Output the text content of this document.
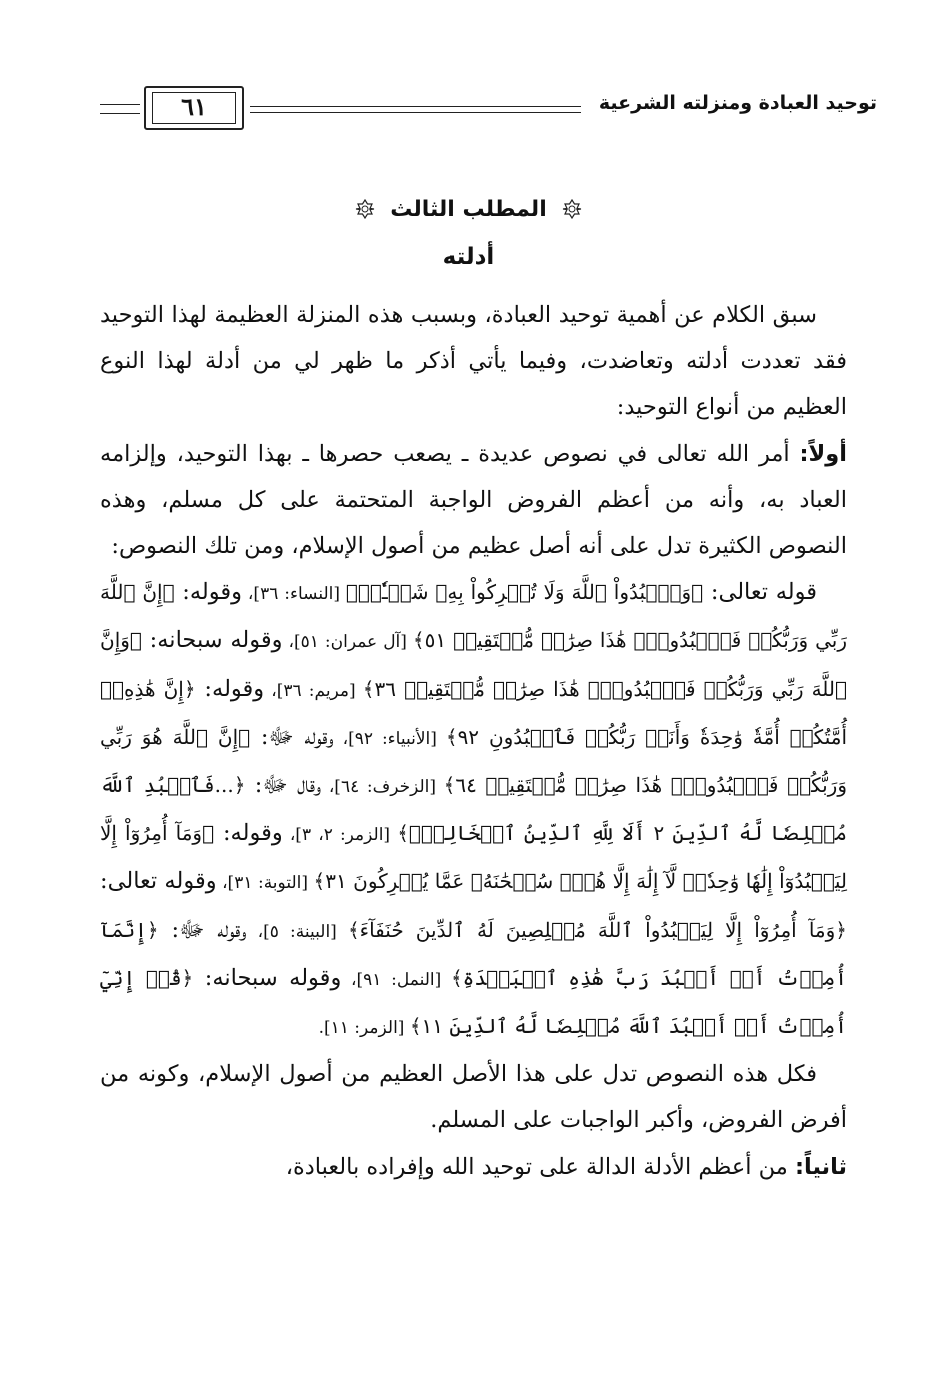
توحيد العبادة ومنزلته الشرعية
٦١
المطلب الثالث
أدلته

سبق الكلام عن أهمية توحيد العبادة، وبسبب هذه المنزلة العظيمة لهذا التوحيد فقد تعددت أدلته وتعاضدت، وفيما يأتي أذكر ما ظهر لي من أدلة لهذا النوع العظيم من أنواع التوحيد:

أولاً: أمر الله تعالى في نصوص عديدة ـ يصعب حصرها ـ بهذا التوحيد، وإلزامه العباد به، وأنه من أعظم الفروض الواجبة المتحتمة على كل مسلم، وهذه النصوص الكثيرة تدل على أنه أصل عظيم من أصول الإسلام، ومن تلك النصوص:

قوله تعالى: ﴿وَٱعۡبُدُواْ ٱللَّهَ وَلَا تُشۡرِكُواْ بِهِۦ شَيۡـٔٗاۖ﴾ [النساء: ٣٦]، وقوله: ﴿إِنَّ ٱللَّهَ رَبِّي وَرَبُّكُمۡ فَٱعۡبُدُوهُۚ هَٰذَا صِرَٰطٞ مُّسۡتَقِيمٞ ٥١﴾ [آل عمران: ٥١]، وقوله سبحانه: ﴿وَإِنَّ ٱللَّهَ رَبِّي وَرَبُّكُمۡ فَٱعۡبُدُوهُۚ هَٰذَا صِرَٰطٞ مُّسۡتَقِيمٞ ٣٦﴾ [مريم: ٣٦]، وقوله: ﴿إِنَّ هَٰذِهِۦٓ أُمَّتُكُمۡ أُمَّةٗ وَٰحِدَةٗ وَأَنَا۠ رَبُّكُمۡ فَٱعۡبُدُونِ ٩٢﴾ [الأنبياء: ٩٢]، وقوله ﷻ: ﴿إِنَّ ٱللَّهَ هُوَ رَبِّي وَرَبُّكُمۡ فَٱعۡبُدُوهُۚ هَٰذَا صِرَٰطٞ مُّسۡتَقِيمٞ ٦٤﴾ [الزخرف: ٦٤]، وقال ﷻ: ﴿...فَٱعۡبُدِ ٱللَّهَ مُخۡلِصٗا لَّهُ ٱلدِّينَ ٢ أَلَا لِلَّهِ ٱلدِّينُ ٱلۡخَالِصُۚ﴾ [الزمر: ٢، ٣]، وقوله: ﴿وَمَآ أُمِرُوٓاْ إِلَّا لِيَعۡبُدُوٓاْ إِلَٰهٗا وَٰحِدٗاۖ لَّآ إِلَٰهَ إِلَّا هُوَۚ سُبۡحَٰنَهُۥ عَمَّا يُشۡرِكُونَ ٣١﴾ [التوبة: ٣١]، وقوله تعالى: ﴿وَمَآ أُمِرُوٓاْ إِلَّا لِيَعۡبُدُواْ ٱللَّهَ مُخۡلِصِينَ لَهُ ٱلدِّينَ حُنَفَآءَ﴾ [البينة: ٥]، وقوله ﷻ: ﴿إِنَّمَآ أُمِرۡتُ أَنۡ أَعۡبُدَ رَبَّ هَٰذِهِ ٱلۡبَلۡدَةِ﴾ [النمل: ٩١]، وقوله سبحانه: ﴿قُلۡ إِنِّيٓ أُمِرۡتُ أَنۡ أَعۡبُدَ ٱللَّهَ مُخۡلِصٗا لَّهُ ٱلدِّينَ ١١﴾ [الزمر: ١١].

فكل هذه النصوص تدل على هذا الأصل العظيم من أصول الإسلام، وكونه من أفرض الفروض، وأكبر الواجبات على المسلم.

ثانياً: من أعظم الأدلة الدالة على توحيد الله وإفراده بالعبادة،
